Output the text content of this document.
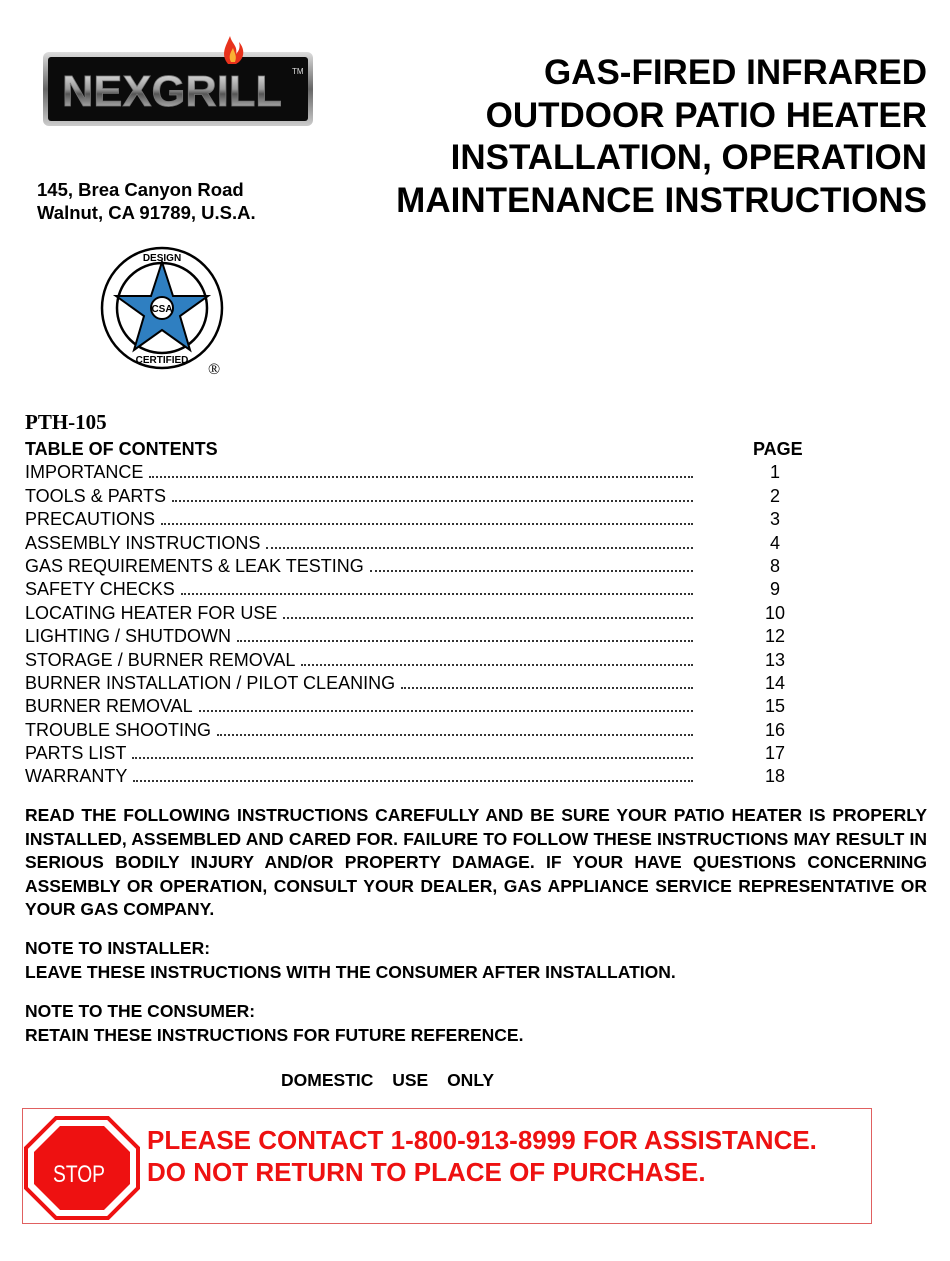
NEXGRILL TM	GAS-FIRED INFRARED
OUTDOOR PATIO HEATER
INSTALLATION, OPERATION
MAINTENANCE INSTRUCTIONS
145, Brea Canyon Road
Walnut, CA 91789, U.S.A.
CSA
DESIGN
CERTIFIED
®
PTH-105
TABLE OF CONTENTS	PAGE
IMPORTANCE	1
TOOLS & PARTS	2
PRECAUTIONS	3
ASSEMBLY INSTRUCTIONS	4
GAS REQUIREMENTS & LEAK TESTING	8
SAFETY CHECKS	9
LOCATING HEATER FOR USE	10
LIGHTING / SHUTDOWN	12
STORAGE / BURNER REMOVAL	13
BURNER INSTALLATION / PILOT CLEANING	14
BURNER REMOVAL	15
TROUBLE SHOOTING	16
PARTS LIST	17
WARRANTY	18
READ THE FOLLOWING INSTRUCTIONS CAREFULLY AND BE SURE YOUR PATIO HEATER IS PROPERLY INSTALLED, ASSEMBLED AND CARED FOR. FAILURE TO FOLLOW THESE INSTRUCTIONS MAY RESULT IN SERIOUS BODILY INJURY AND/OR PROPERTY DAMAGE. IF YOUR HAVE QUESTIONS CONCERNING ASSEMBLY OR OPERATION, CONSULT YOUR DEALER, GAS APPLIANCE SERVICE REPRESENTATIVE OR YOUR GAS COMPANY.
NOTE TO INSTALLER:
LEAVE THESE INSTRUCTIONS WITH THE CONSUMER AFTER INSTALLATION.
NOTE TO THE CONSUMER:
RETAIN THESE INSTRUCTIONS FOR FUTURE REFERENCE.
DOMESTIC USE ONLY
STOP
PLEASE CONTACT 1-800-913-8999 FOR ASSISTANCE.
DO NOT RETURN TO PLACE OF PURCHASE.
